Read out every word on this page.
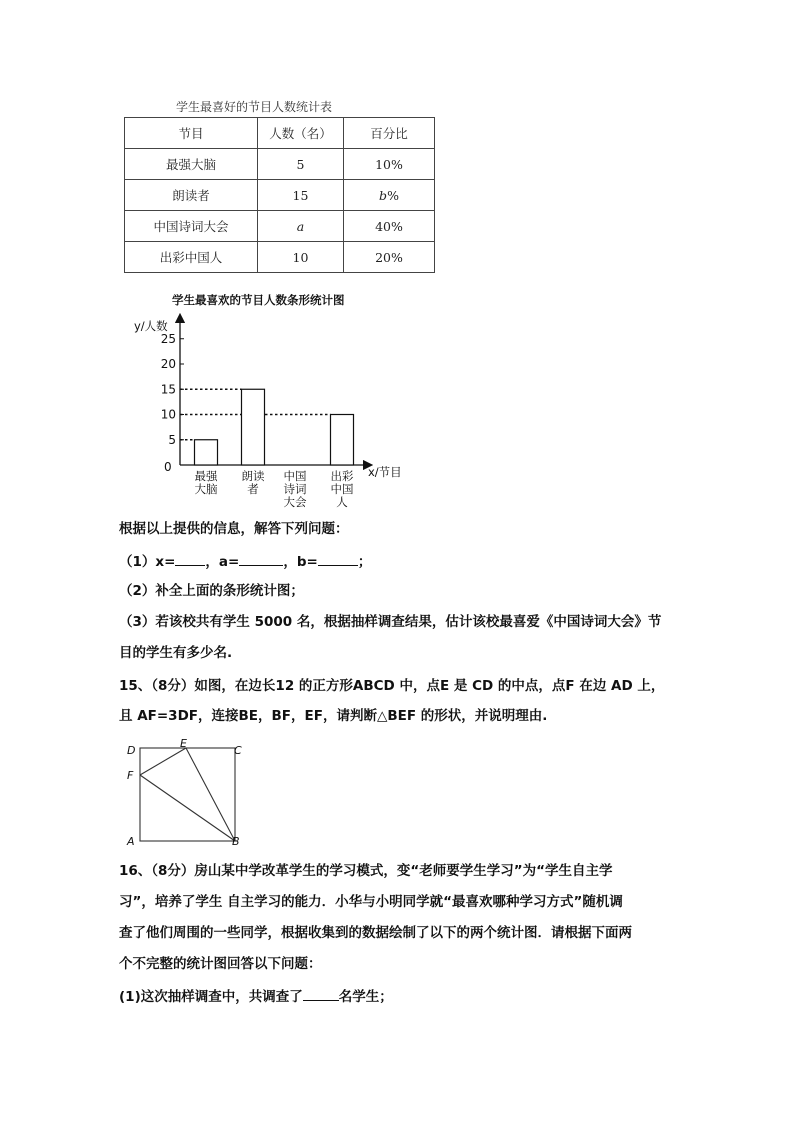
学生最喜好的节目人数统计表
节目	人数（名）	百分比
最强大脑	5	10%
朗读者	15	b%
中国诗词大会	a	40%
出彩中国人	10	20%
学生最喜欢的节目人数条形统计图
y/人数
x/节目
0
5
10
15
20
25
最强
大脑
朗读
者
中国
诗词
大会
出彩
中国
人
根据以上提供的信息，解答下列问题：
（1）x= ，a=	，b=	；
（2）补全上面的条形统计图；
（3）若该校共有学生 5000 名，根据抽样调查结果，估计该校最喜爱《中国诗词大会》节
目的学生有多少名.
15、（8分）如图，在边长12 的正方形ABCD 中，点E 是 CD 的中点，点F 在边 AD 上，
且 AF=3DF，连接BE，BF，EF，请判断△BEF 的形状，并说明理由.
D
E
C
F
A	B
16、（8分）房山某中学改革学生的学习模式，变“老师要学生学习”为“学生自主学
习”，培养了学生 自主学习的能力．小华与小明同学就“最喜欢哪种学习方式”随机调
查了他们周围的一些同学，根据收集到的数据绘制了以下的两个统计图．请根据下面两
个不完整的统计图回答以下问题：
(1)这次抽样调查中，共调查了	名学生；
